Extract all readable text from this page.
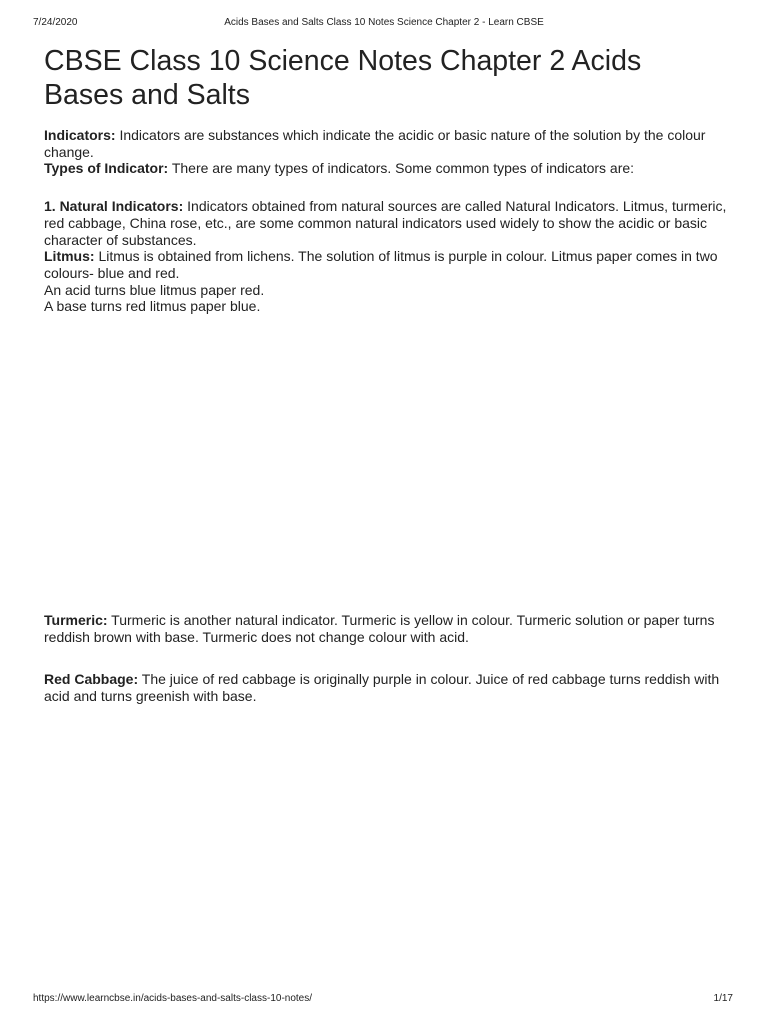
7/24/2020	Acids Bases and Salts Class 10 Notes Science Chapter 2 - Learn CBSE
CBSE Class 10 Science Notes Chapter 2 Acids Bases and Salts

Indicators: Indicators are substances which indicate the acidic or basic nature of the solution by the colour change.

Types of Indicator: There are many types of indicators. Some common types of indicators are:

1. Natural Indicators: Indicators obtained from natural sources are called Natural Indicators. Litmus, turmeric, red cabbage, China rose, etc., are some common natural indicators used widely to show the acidic or basic character of substances.

Litmus: Litmus is obtained from lichens. The solution of litmus is purple in colour. Litmus paper comes in two colours- blue and red.

An acid turns blue litmus paper red.

A base turns red litmus paper blue.

Turmeric: Turmeric is another natural indicator. Turmeric is yellow in colour. Turmeric solution or paper turns reddish brown with base. Turmeric does not change colour with acid.

Red Cabbage: The juice of red cabbage is originally purple in colour. Juice of red cabbage turns reddish with acid and turns greenish with base.

https://www.learncbse.in/acids-bases-and-salts-class-10-notes/	1/17
